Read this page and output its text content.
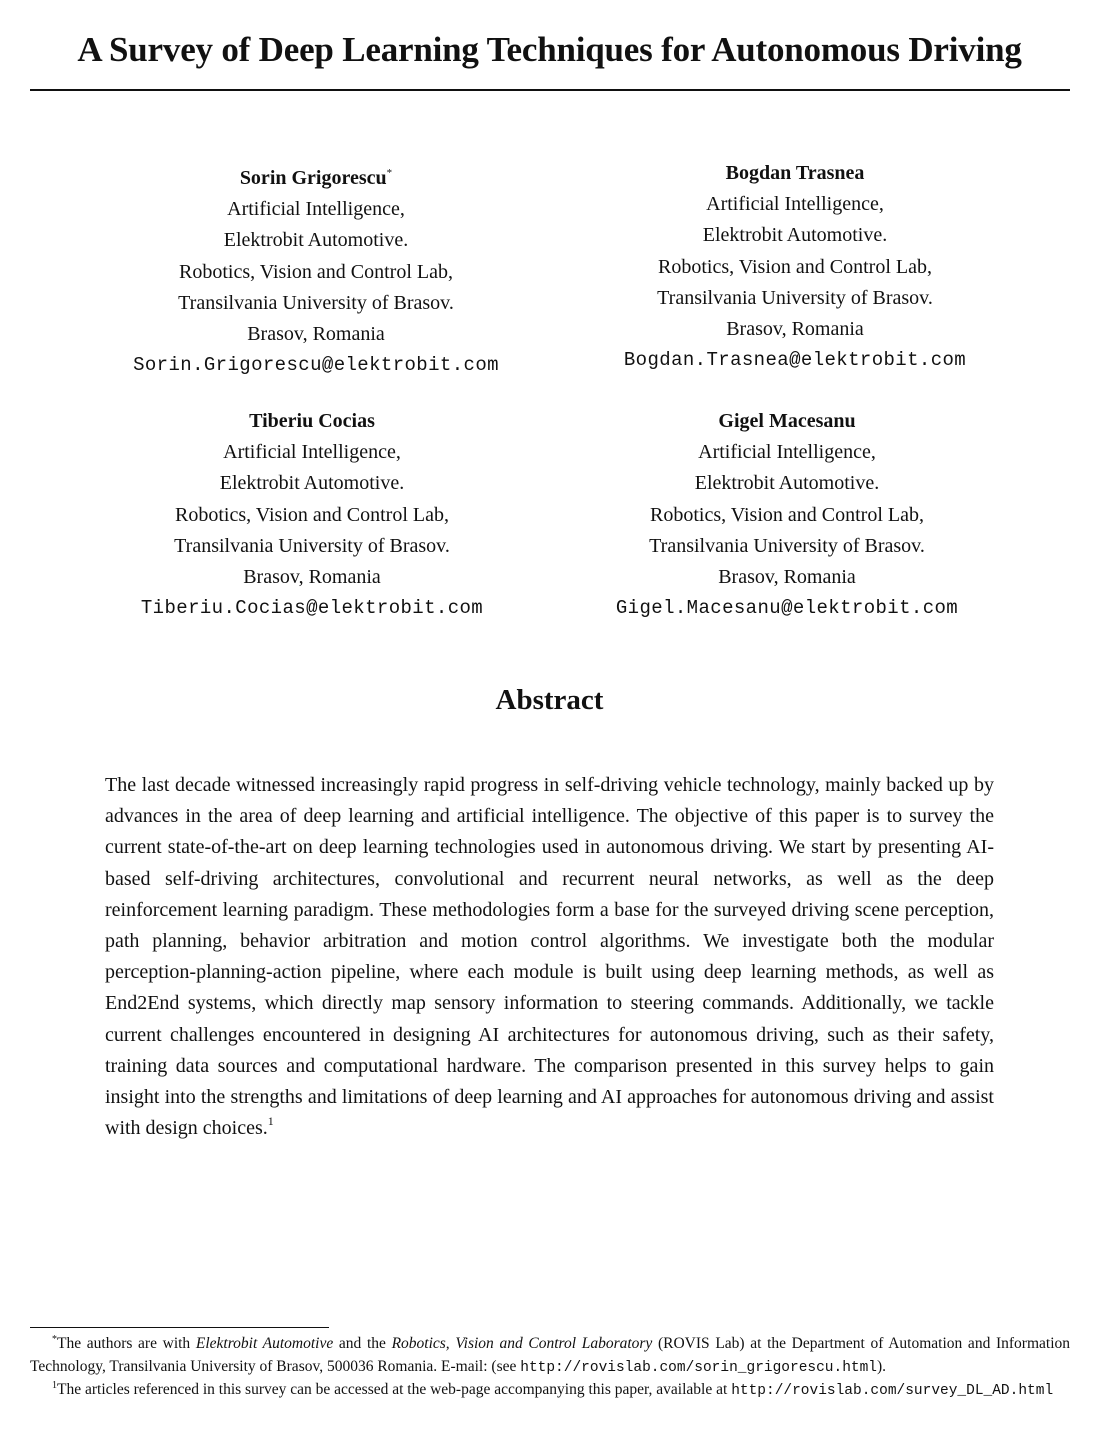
A Survey of Deep Learning Techniques for Autonomous Driving
Sorin Grigorescu*
Artificial Intelligence,
Elektrobit Automotive.
Robotics, Vision and Control Lab,
Transilvania University of Brasov.
Brasov, Romania
Sorin.Grigorescu@elektrobit.com
Bogdan Trasnea
Artificial Intelligence,
Elektrobit Automotive.
Robotics, Vision and Control Lab,
Transilvania University of Brasov.
Brasov, Romania
Bogdan.Trasnea@elektrobit.com
Tiberiu Cocias
Artificial Intelligence,
Elektrobit Automotive.
Robotics, Vision and Control Lab,
Transilvania University of Brasov.
Brasov, Romania
Tiberiu.Cocias@elektrobit.com
Gigel Macesanu
Artificial Intelligence,
Elektrobit Automotive.
Robotics, Vision and Control Lab,
Transilvania University of Brasov.
Brasov, Romania
Gigel.Macesanu@elektrobit.com
Abstract

The last decade witnessed increasingly rapid progress in self-driving vehicle technology, mainly backed up by advances in the area of deep learning and artificial intelligence. The objective of this paper is to survey the current state-of-the-art on deep learning technologies used in autonomous driving. We start by presenting AI-based self-driving architectures, convolutional and recurrent neural networks, as well as the deep reinforcement learning paradigm. These methodologies form a base for the surveyed driving scene perception, path planning, behavior arbitration and motion control algorithms. We investigate both the modular perception-planning-action pipeline, where each module is built using deep learning methods, as well as End2End systems, which directly map sensory information to steering commands. Additionally, we tackle current challenges encountered in designing AI architectures for autonomous driving, such as their safety, training data sources and computational hardware. The comparison presented in this survey helps to gain insight into the strengths and limitations of deep learning and AI approaches for autonomous driving and assist with design choices.$^1$

*The authors are with Elektrobit Automotive and the Robotics, Vision and Control Laboratory (ROVIS Lab) at the Department of Automation and Information Technology, Transilvania University of Brasov, 500036 Romania. E-mail: (see http://rovislab.com/sorin_grigorescu.html).

$^1$The articles referenced in this survey can be accessed at the web-page accompanying this paper, available at http://rovislab.com/survey_DL_AD.html
